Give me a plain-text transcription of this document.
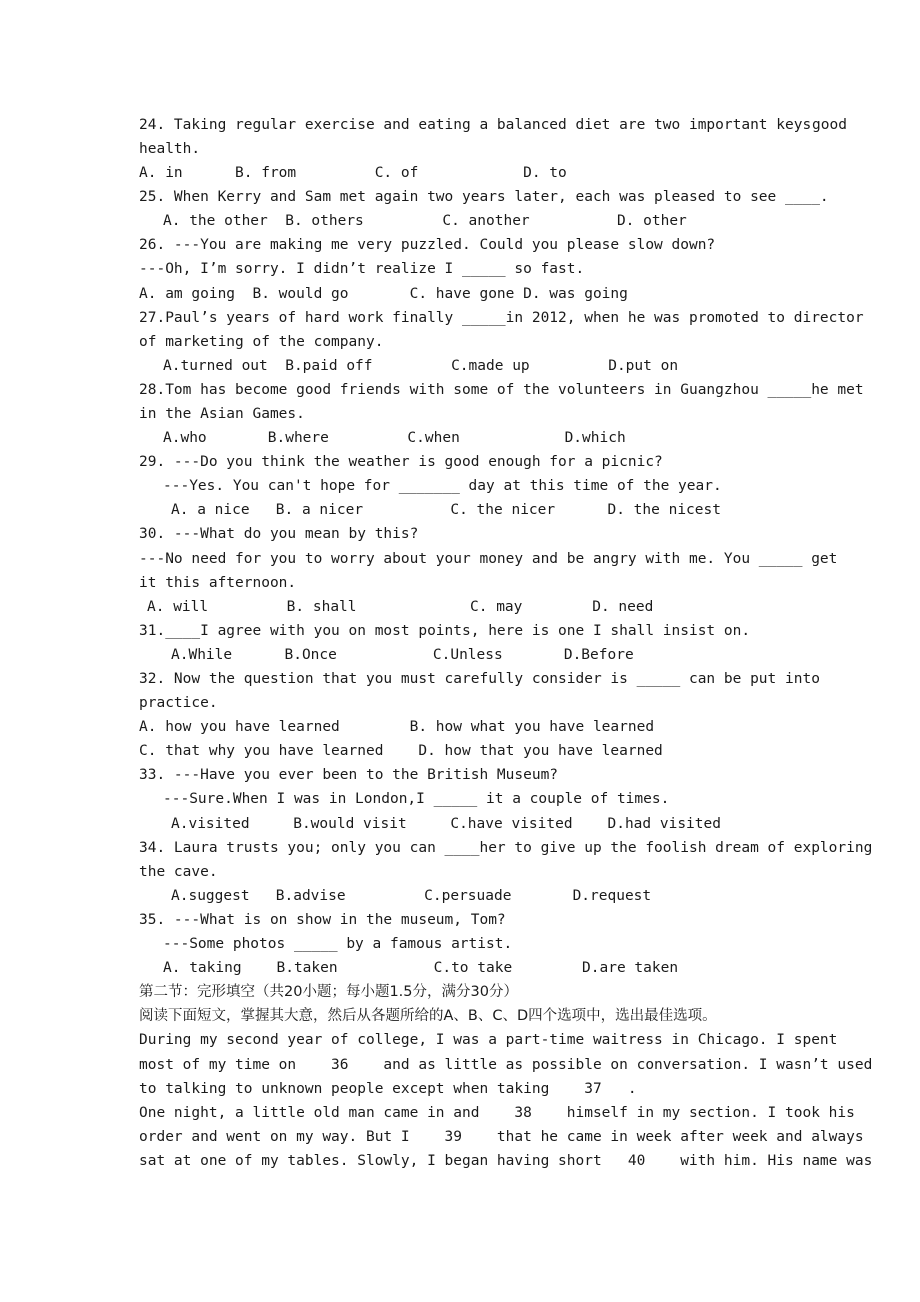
good
24. Taking regular exercise and eating a balanced diet are two important keys
health.
A. in      B. from         C. of            D. to
25. When Kerry and Sam met again two years later, each was pleased to see ____.
A. the other  B. others         C. another          D. other
26. ---You are making me very puzzled. Could you please slow down?
---Oh, I’m sorry. I didn’t realize I _____ so fast.
A. am going  B. would go       C. have gone D. was going
27.Paul’s years of hard work finally _____in 2012, when he was promoted to director
of marketing of the company.
A.turned out  B.paid off         C.made up         D.put on
28.Tom has become good friends with some of the volunteers in Guangzhou _____he met
in the Asian Games.
A.who       B.where         C.when            D.which
29. ---Do you think the weather is good enough for a picnic?
---Yes. You can't hope for _______ day at this time of the year.
A. a nice   B. a nicer          C. the nicer      D. the nicest
30. ---What do you mean by this?
---No need for you to worry about your money and be angry with me. You _____ get
it this afternoon.
A. will         B. shall             C. may        D. need
31.____I agree with you on most points, here is one I shall insist on.
A.While      B.Once           C.Unless       D.Before
32. Now the question that you must carefully consider is _____ can be put into
practice.
A. how you have learned        B. how what you have learned
C. that why you have learned    D. how that you have learned
33. ---Have you ever been to the British Museum?
---Sure.When I was in London,I _____ it a couple of times.
A.visited     B.would visit     C.have visited    D.had visited
34. Laura trusts you; only you can ____her to give up the foolish dream of exploring
the cave.
A.suggest   B.advise         C.persuade       D.request
35. ---What is on show in the museum, Tom?
---Some photos _____ by a famous artist.
A. taking    B.taken           C.to take        D.are taken
第二节：完形填空（共20小题；每小题1.5分，满分30分）
阅读下面短文，掌握其大意，然后从各题所给的A、B、C、D四个选项中，选出最佳选项。
During my second year of college, I was a part-time waitress in Chicago. I spent
most of my time on    36    and as little as possible on conversation. I wasn’t used
to talking to unknown people except when taking    37   .
One night, a little old man came in and    38    himself in my section. I took his
order and went on my way. But I    39    that he came in week after week and always
sat at one of my tables. Slowly, I began having short   40    with him. His name was
